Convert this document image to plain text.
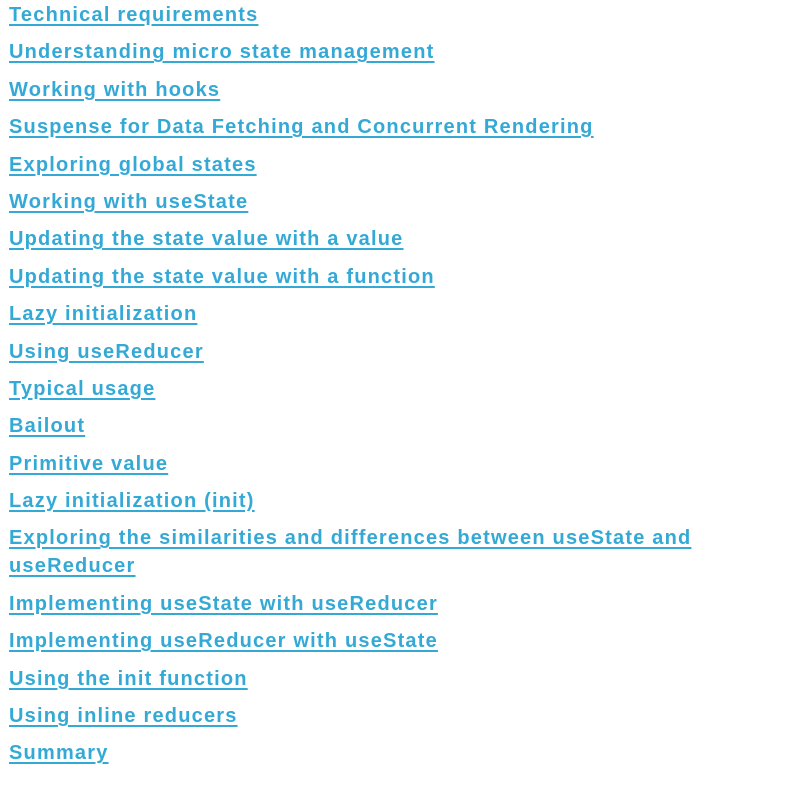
Technical requirements
Understanding micro state management
Working with hooks
Suspense for Data Fetching and Concurrent Rendering
Exploring global states
Working with useState
Updating the state value with a value
Updating the state value with a function
Lazy initialization
Using useReducer
Typical usage
Bailout
Primitive value
Lazy initialization (init)
Exploring the similarities and differences between useState and useReducer
Implementing useState with useReducer
Implementing useReducer with useState
Using the init function
Using inline reducers
Summary
